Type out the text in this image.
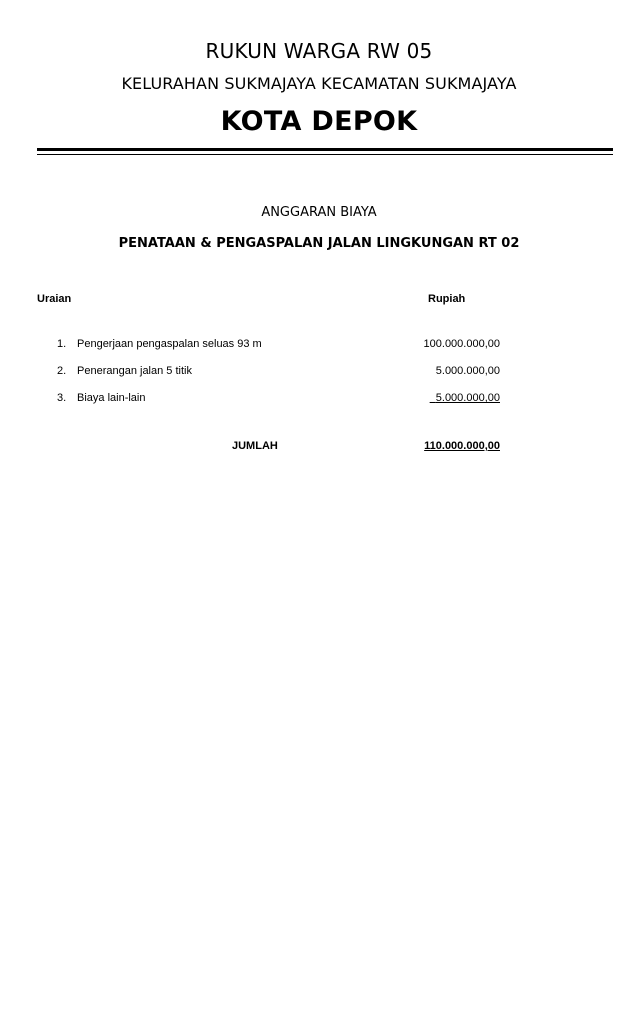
RUKUN WARGA RW 05
KELURAHAN SUKMAJAYA KECAMATAN SUKMAJAYA
KOTA DEPOK
ANGGARAN BIAYA
PENATAAN & PENGASPALAN JALAN LINGKUNGAN RT 02
Uraian	Rupiah
1. Pengerjaan pengaspalan seluas 93 m	100.000.000,00
2. Penerangan jalan 5 titik	5.000.000,00
3. Biaya lain-lain	5.000.000,00
JUMLAH	110.000.000,00
